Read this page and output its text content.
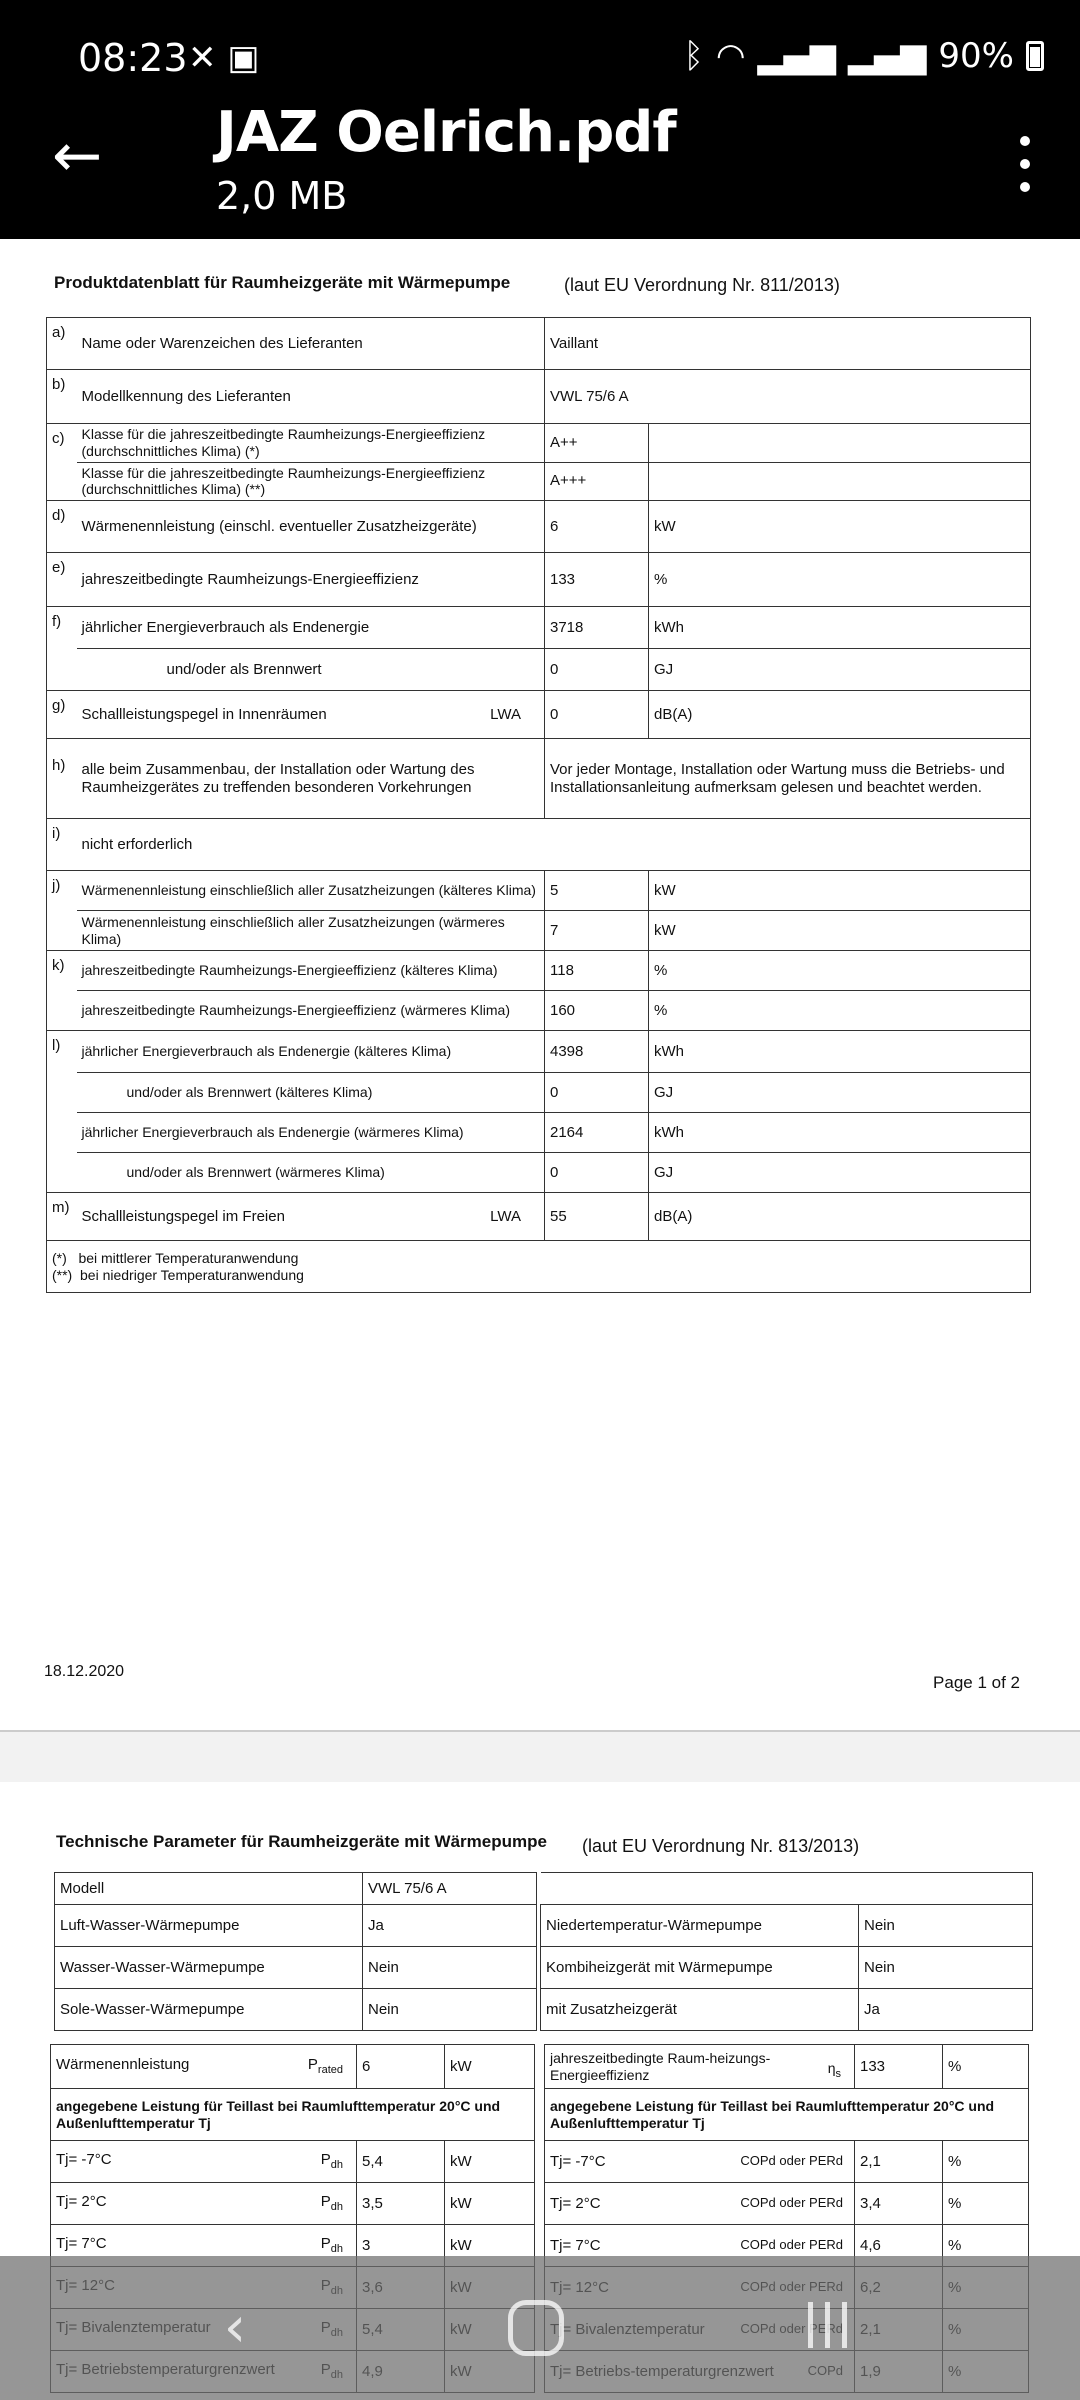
08:23 ✕ ▣	ᛒ ◠ ▂▄▆ ▂▄▆ 90%
← JAZ Oelrich.pdf
2,0 MB
Produktdatenblatt für Raumheizgeräte mit Wärmepumpe	(laut EU Verordnung Nr. 811/2013)
a)	Name oder Warenzeichen des Lieferanten	Vaillant	
b)	Modellkennung des Lieferanten	VWL 75/6 A	
c)	Klasse für die jahreszeitbedingte Raumheizungs-Energieeffizienz (durchschnittliches Klima) (*)	A++	
	Klasse für die jahreszeitbedingte Raumheizungs-Energieeffizienz (durchschnittliches Klima) (**)	A+++	
d)	Wärmenennleistung (einschl. eventueller Zusatzheizgeräte)	6	kW
e)	jahreszeitbedingte Raumheizungs-Energieeffizienz	133	%
f)	jährlicher Energieverbrauch als Endenergie	3718	kWh
	und/oder als Brennwert	0	GJ
g)	Schallleistungspegel in Innenräumen LWA	0	dB(A)
h)	alle beim Zusammenbau, der Installation oder Wartung des Raumheizgerätes zu treffenden besonderen Vorkehrungen	Vor jeder Montage, Installation oder Wartung muss die Betriebs- und Installationsanleitung aufmerksam gelesen und beachtet werden.	
i)	nicht erforderlich		
j)	Wärmenennleistung einschließlich aller Zusatzheizungen (kälteres Klima)	5	kW
	Wärmenennleistung einschließlich aller Zusatzheizungen (wärmeres Klima)	7	kW
k)	jahreszeitbedingte Raumheizungs-Energieeffizienz (kälteres Klima)	118	%
	jahreszeitbedingte Raumheizungs-Energieeffizienz (wärmeres Klima)	160	%
l)	jährlicher Energieverbrauch als Endenergie (kälteres Klima)	4398	kWh
	und/oder als Brennwert (kälteres Klima)	0	GJ
	jährlicher Energieverbrauch als Endenergie (wärmeres Klima)	2164	kWh
	und/oder als Brennwert (wärmeres Klima)	0	GJ
m)	Schallleistungspegel im Freien LWA	55	dB(A)

(*)   bei mittlerer Temperaturanwendung
(**)  bei niedriger Temperaturanwendung			
18.12.2020
Page 1 of 2
Technische Parameter für Raumheizgeräte mit Wärmepumpe (laut EU Verordnung Nr. 813/2013)
Modell	VWL 75/6 A
Luft-Wasser-Wärmepumpe	Ja
Wasser-Wasser-Wärmepumpe	Nein
Sole-Wasser-Wärmepumpe	Nein

Niedertemperatur-Wärmepumpe	Nein
Kombiheizgerät mit Wärmepumpe	Nein
mit Zusatzheizgerät	Ja
Wärmenennleistung $P_{rated}$	6	kW
angegebene Leistung für Teillast bei Raumlufttemperatur 20°C und Außenlufttemperatur Tj		
Tj= -7°C $P_{dh}$	5,4	kW
Tj= 2°C $P_{dh}$	3,5	kW
Tj= 7°C $P_{dh}$	3	kW

jahreszeitbedingte Raum-heizungs-Energieeffizienz $\eta_s$	133	%
angegebene Leistung für Teillast bei Raumlufttemperatur 20°C und Außenlufttemperatur Tj		
Tj= -7°C COPd oder PERd	2,1	%
Tj= 2°C COPd oder PERd	3,4	%
Tj= 7°C COPd oder PERd	4,6	%

‹
